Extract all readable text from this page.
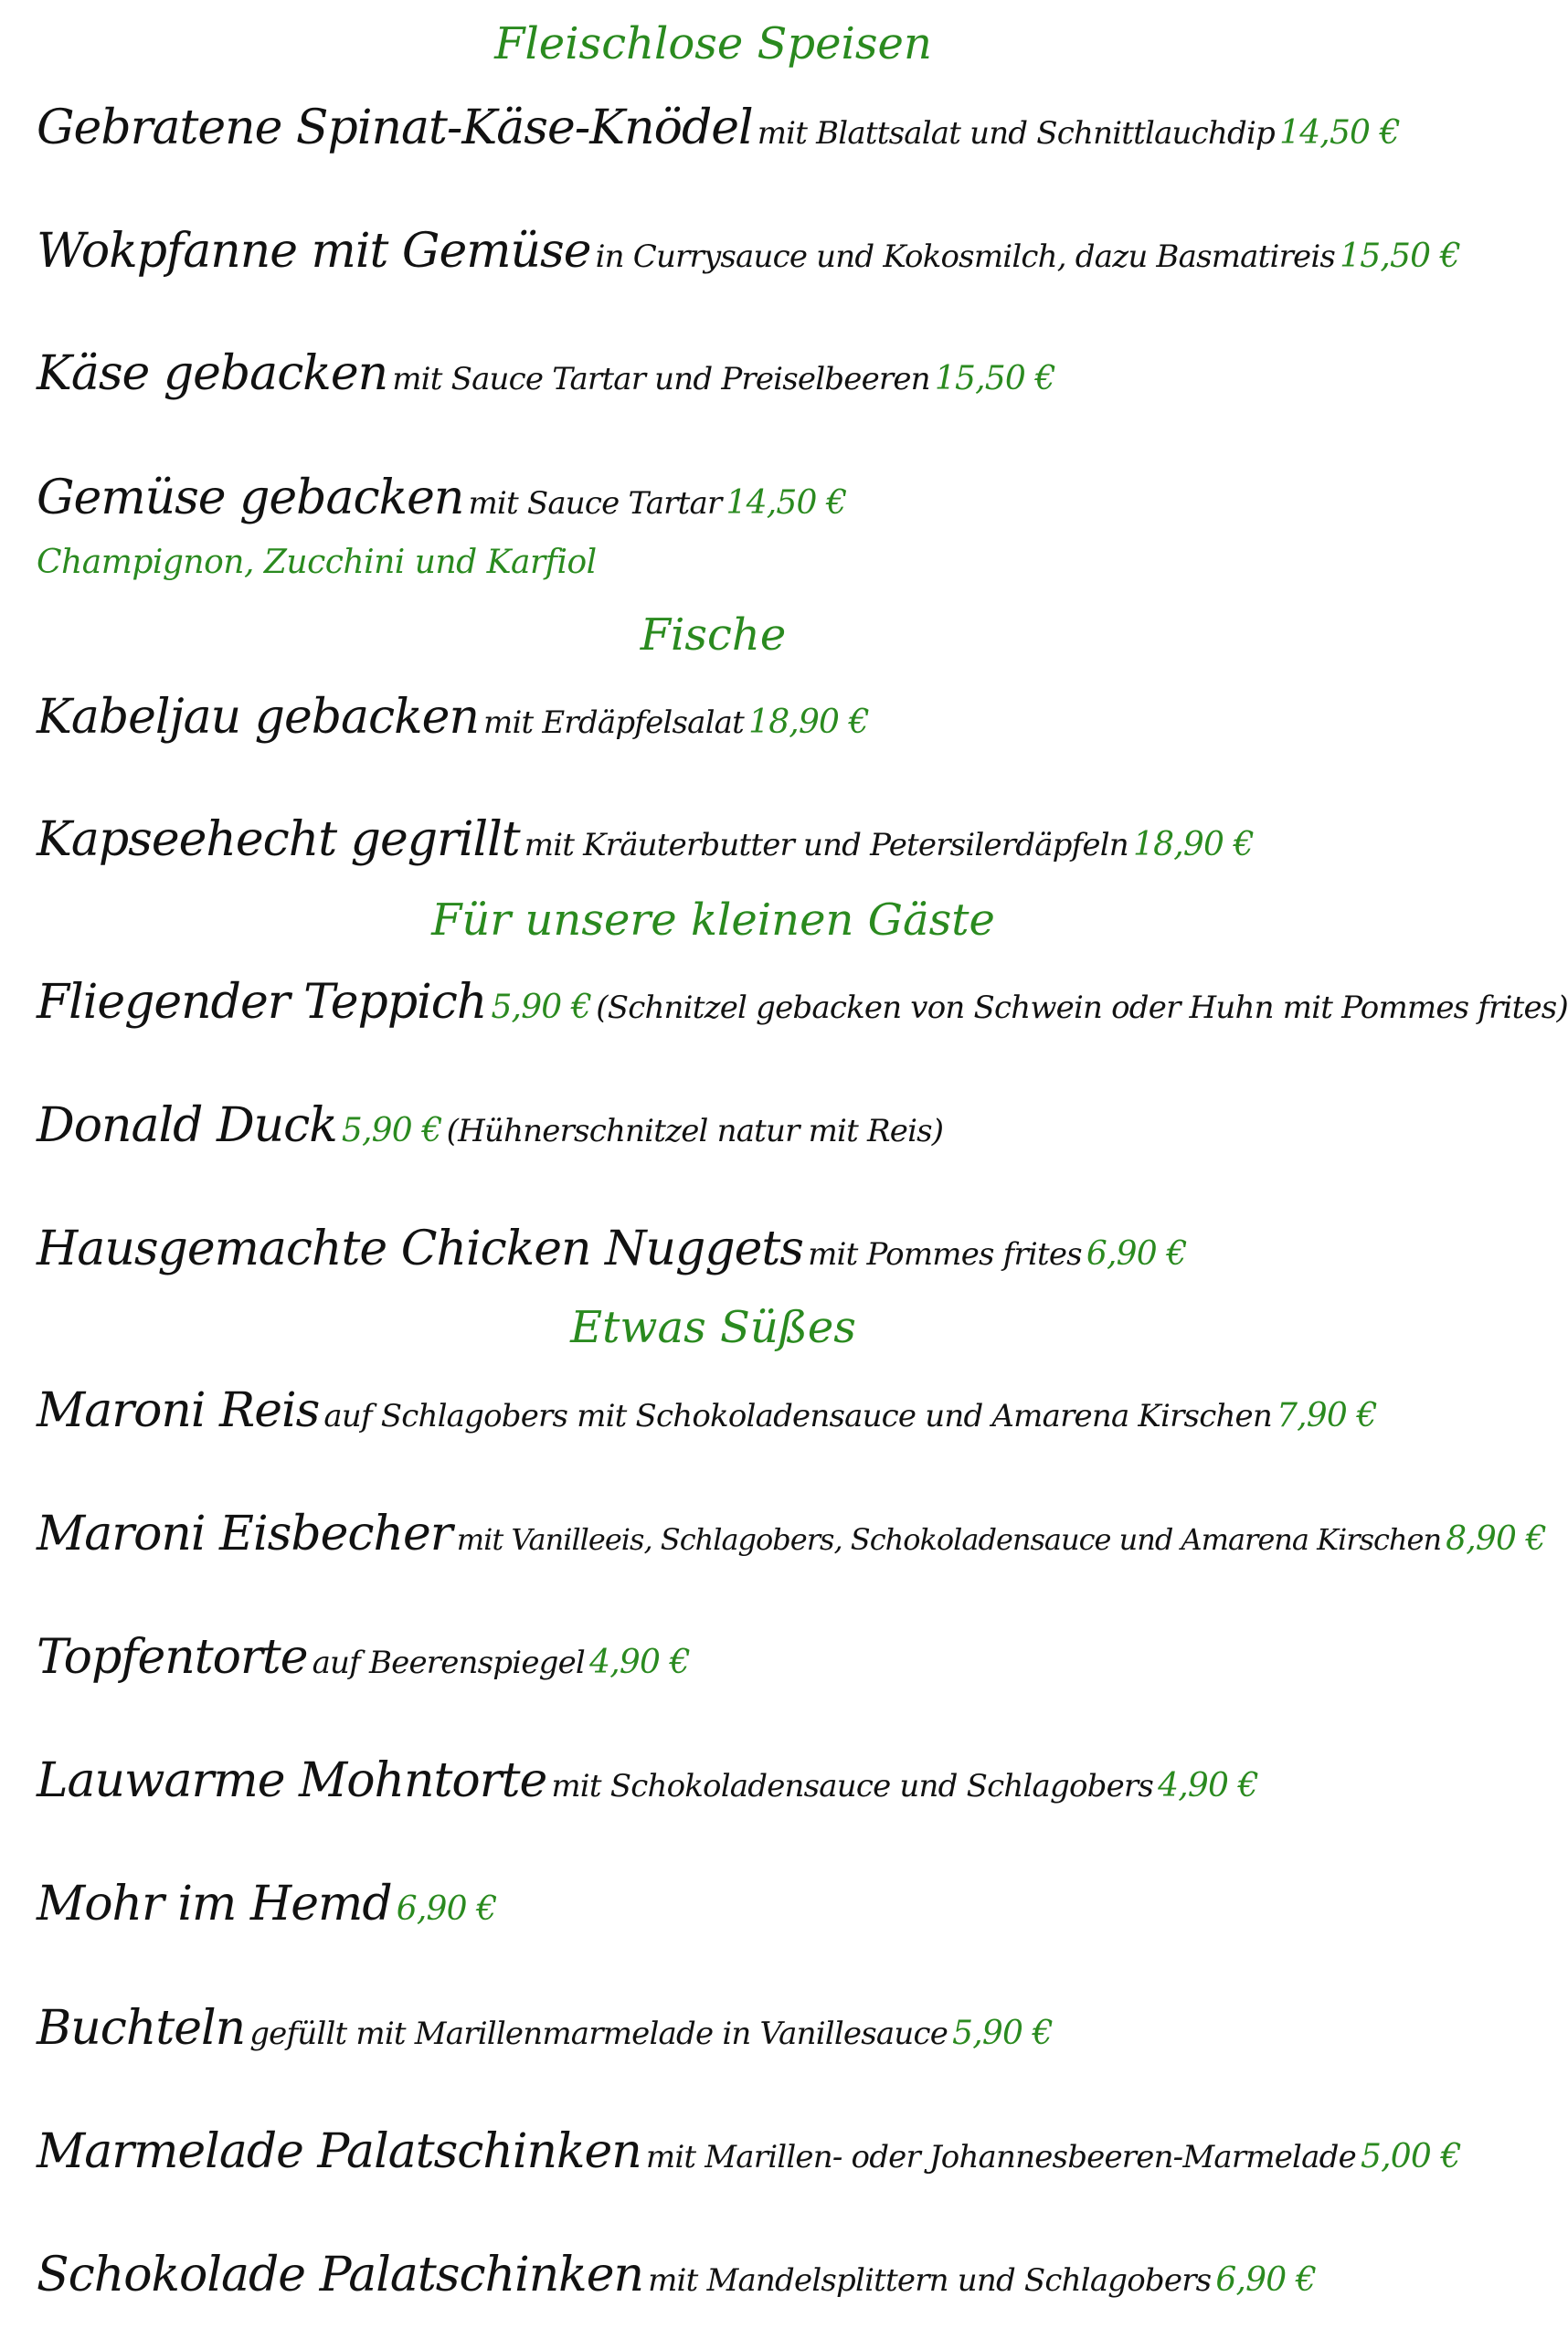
Fleischlose Speisen
Gebratene Spinat-Käse-Knödel mit Blattsalat und Schnittlauchdip 14,50 €
Wokpfanne mit Gemüse in Currysauce und Kokosmilch, dazu Basmatireis 15,50 €
Käse gebacken mit Sauce Tartar und Preiselbeeren 15,50 €
Gemüse gebacken mit Sauce Tartar 14,50 €
Champignon, Zucchini und Karfiol
Fische
Kabeljau gebacken mit Erdäpfelsalat 18,90 €
Kapseehecht gegrillt mit Kräuterbutter und Petersilerdäpfeln 18,90 €
Für unsere kleinen Gäste
Fliegender Teppich 5,90 € (Schnitzel gebacken von Schwein oder Huhn mit Pommes frites)
Donald Duck 5,90 € (Hühnerschnitzel natur mit Reis)
Hausgemachte Chicken Nuggets mit Pommes frites 6,90 €
Etwas Süßes
Maroni Reis auf Schlagobers mit Schokoladensauce und Amarena Kirschen 7,90 €
Maroni Eisbecher mit Vanilleeis, Schlagobers, Schokoladensauce und Amarena Kirschen 8,90 €
Topfentorte auf Beerenspiegel 4,90 €
Lauwarme Mohntorte mit Schokoladensauce und Schlagobers 4,90 €
Mohr im Hemd 6,90 €
Buchteln gefüllt mit Marillenmarmelade in Vanillesauce 5,90 €
Marmelade Palatschinken mit Marillen- oder Johannesbeeren-Marmelade 5,00 €
Schokolade Palatschinken mit Mandelsplittern und Schlagobers 6,90 €
